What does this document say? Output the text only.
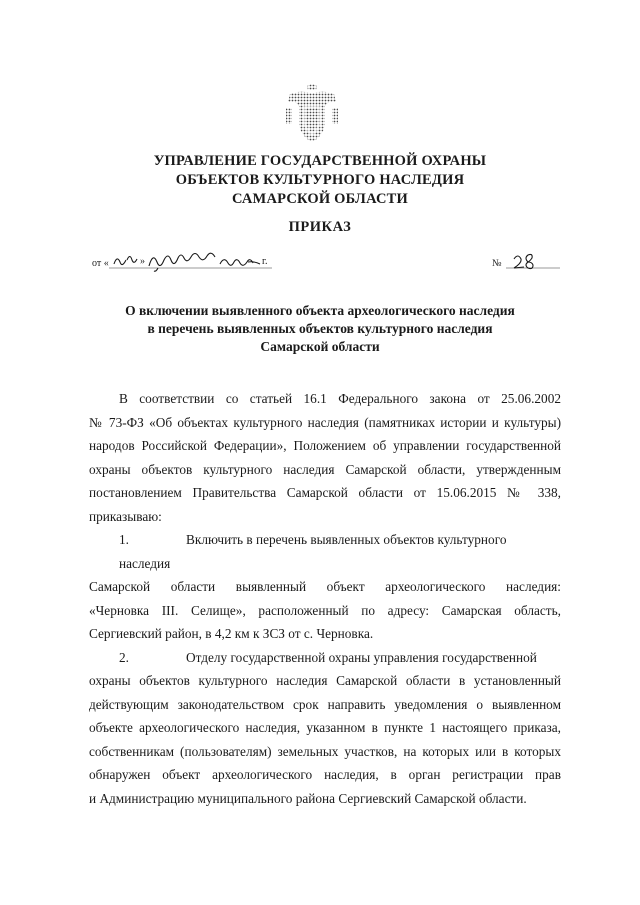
УПРАВЛЕНИЕ ГОСУДАРСТВЕННОЙ ОХРАНЫ
ОБЪЕКТОВ КУЛЬТУРНОГО НАСЛЕДИЯ
САМАРСКОЙ ОБЛАСТИ
ПРИКАЗ
от «	»	г.	№
О включении выявленного объекта археологического наследия
в перечень выявленных объектов культурного наследия
Самарской области

В соответствии со статьей 16.1 Федерального закона от 25.06.2002

№ 73-ФЗ «Об объектах культурного наследия (памятниках истории и культуры)

народов Российской Федерации», Положением об управлении государственной

охраны объектов культурного наследия Самарской области, утвержденным

постановлением Правительства Самарской области от 15.06.2015 № 338,

приказываю:

1.	Включить в перечень выявленных объектов культурного наследия

Самарской области выявленный объект археологического наследия:

«Черновка III. Селище», расположенный по адресу: Самарская область,

Сергиевский район, в 4,2 км к ЗСЗ от с. Черновка.

2.	Отделу государственной охраны управления государственной

охраны объектов культурного наследия Самарской области в установленный

действующим законодательством срок направить уведомления о выявленном

объекте археологического наследия, указанном в пункте 1 настоящего приказа,

собственникам (пользователям) земельных участков, на которых или в которых

обнаружен объект археологического наследия, в орган регистрации прав

и Администрацию муниципального района Сергиевский Самарской области.
